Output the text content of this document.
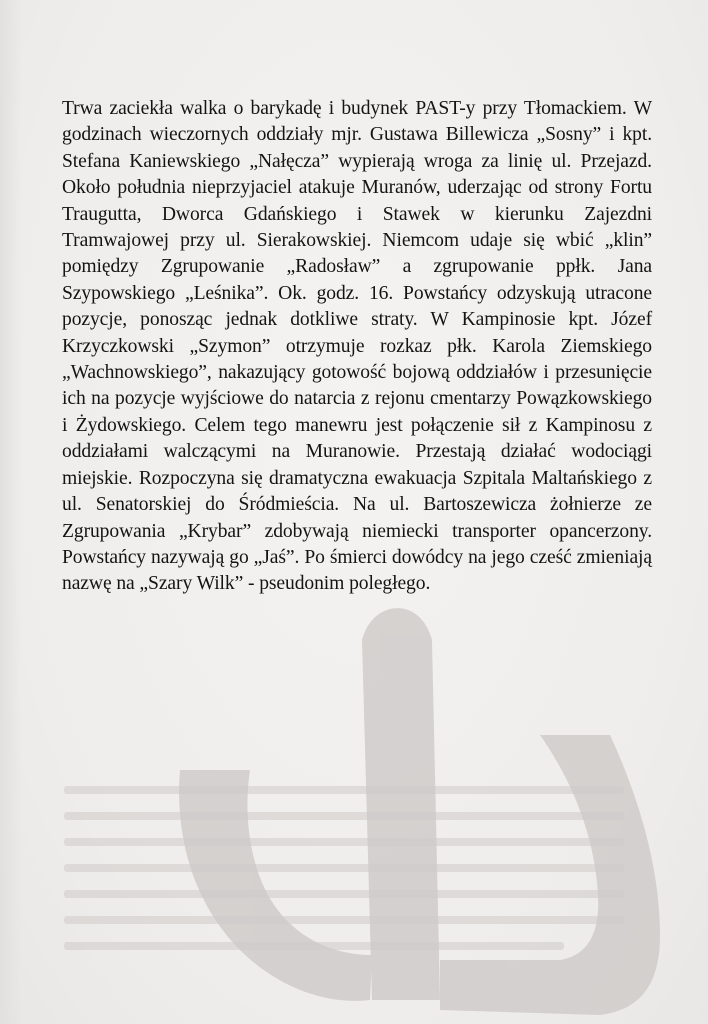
Trwa zaciekła walka o barykadę i budynek PAST-y przy Tłomackiem. W godzinach wieczornych oddziały mjr. Gustawa Billewicza „Sosny” i kpt. Stefana Kaniewskiego „Nałęcza” wypierają wroga za linię ul. Przejazd. Około południa nieprzyjaciel atakuje Muranów, uderzając od strony Fortu Traugutta, Dworca Gdańskiego i Stawek w kierunku Zajezdni Tramwajowej przy ul. Sierakowskiej. Niemcom udaje się wbić „klin” pomiędzy Zgrupowanie „Radosław” a zgrupowanie ppłk. Jana Szypowskiego „Leśnika”. Ok. godz. 16. Powstańcy odzyskują utracone pozycje, ponosząc jednak dotkliwe straty. W Kampinosie kpt. Józef Krzyczkowski „Szymon” otrzymuje rozkaz płk. Karola Ziemskiego „Wachnowskiego”, nakazujący gotowość bojową oddziałów i przesunięcie ich na pozycje wyjściowe do natarcia z rejonu cmentarzy Powązkowskiego i Żydowskiego. Celem tego manewru jest połączenie sił z Kampinosu z oddziałami walczącymi na Muranowie. Przestają działać wodociągi miejskie. Rozpoczyna się dramatyczna ewakuacja Szpitala Maltańskiego z ul. Senatorskiej do Śródmieścia. Na ul. Bartoszewicza żołnierze ze Zgrupowania „Krybar” zdobywają niemiecki transporter opancerzony. Powstańcy nazywają go „Jaś”. Po śmierci dowódcy na jego cześć zmieniają nazwę na „Szary Wilk” - pseudonim poległego.
